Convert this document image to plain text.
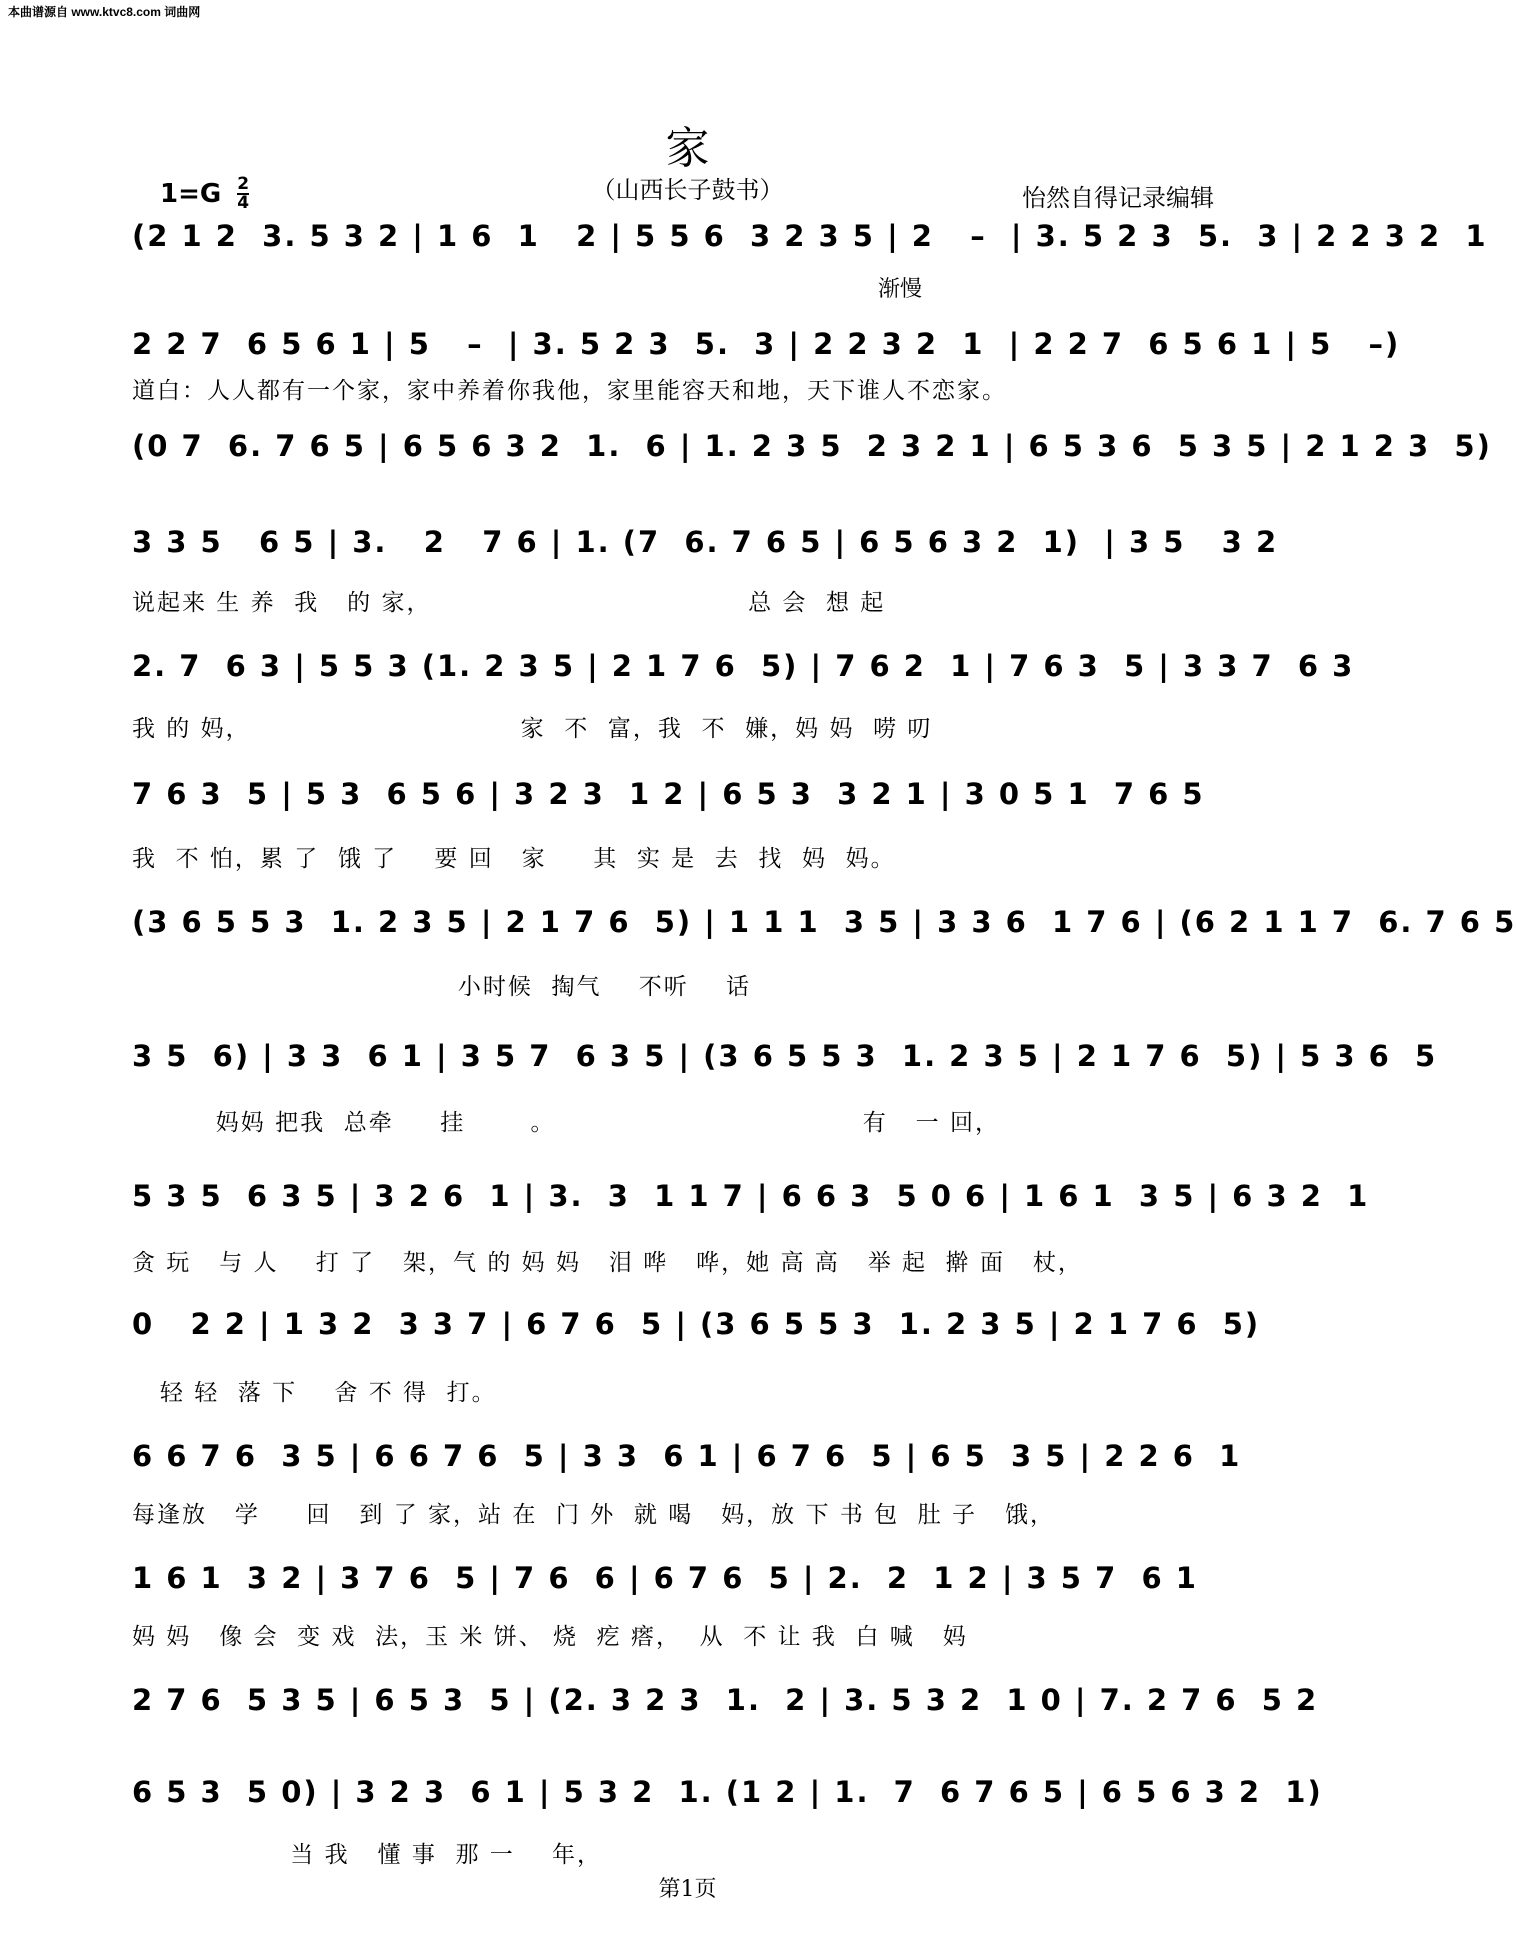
本曲谱源自 www.ktvc8.com 词曲网
家
（山西长子鼓书）
1=G 2
4	怡然自得记录编辑
(2 1 2  3. 5 3 2 | 1 6  1   2 | 5 5 6  3 2 3 5 | 2   –  | 3. 5 2 3  5.  3 | 2 2 3 2  1
渐慢
2 2 7  6 5 6 1 | 5   –  | 3. 5 2 3  5.  3 | 2 2 3 2  1  | 2 2 7  6 5 6 1 | 5   –)
道白：人人都有一个家，家中养着你我他，家里能容天和地，天下谁人不恋家。
(0 7  6. 7 6 5 | 6 5 6 3 2  1.  6 | 1. 2 3 5  2 3 2 1 | 6 5 3 6  5 3 5 | 2 1 2 3  5)
3 3 5   6 5 | 3.   2   7 6 | 1. (7  6. 7 6 5 | 6 5 6 3 2  1)  | 3 5   3 2
说起来 生 养  我   的 家，                                  总 会  想 起
2. 7  6 3 | 5 5 3 (1. 2 3 5 | 2 1 7 6  5) | 7 6 2  1 | 7 6 3  5 | 3 3 7  6 3
我 的 妈，                             家  不  富，我  不  嫌，妈 妈  唠 叨
7 6 3  5 | 5 3  6 5 6 | 3 2 3  1 2 | 6 5 3  3 2 1 | 3 0 5 1  7 6 5
我  不 怕，累 了  饿 了    要 回   家     其  实 是  去  找  妈  妈。
(3 6 5 5 3  1. 2 3 5 | 2 1 7 6  5) | 1 1 1  3 5 | 3 3 6  1 7 6 | (6 2 1 1 7  6. 7 6 5
小时候  掏气    不听    话
3 5  6) | 3 3  6 1 | 3 5 7  6 3 5 | (3 6 5 5 3  1. 2 3 5 | 2 1 7 6  5) | 5 3 6  5
妈妈 把我  总牵     挂       。                                 有   一 回，
5 3 5  6 3 5 | 3 2 6  1 | 3.  3  1 1 7 | 6 6 3  5 0 6 | 1 6 1  3 5 | 6 3 2  1
贪 玩   与 人    打 了   架，气 的 妈 妈   泪 哗   哗，她 高 高   举 起  擀 面   杖，
0   2 2 | 1 3 2  3 3 7 | 6 7 6  5 | (3 6 5 5 3  1. 2 3 5 | 2 1 7 6  5)
轻 轻  落 下    舍 不 得  打。
6 6 7 6  3 5 | 6 6 7 6  5 | 3 3  6 1 | 6 7 6  5 | 6 5  3 5 | 2 2 6  1
每逢放   学     回   到 了 家，站 在  门 外  就 喝   妈，放 下 书 包  肚 子   饿，
1 6 1  3 2 | 3 7 6  5 | 7 6  6 | 6 7 6  5 | 2.  2  1 2 | 3 5 7  6 1
妈 妈   像 会  变 戏  法，玉 米 饼、 烧  疙 瘩，  从  不 让 我  白 喊   妈
2 7 6  5 3 5 | 6 5 3  5 | (2. 3 2 3  1.  2 | 3. 5 3 2  1 0 | 7. 2 7 6  5 2
6 5 3  5 0) | 3 2 3  6 1 | 5 3 2  1. (1 2 | 1.  7  6 7 6 5 | 6 5 6 3 2  1)
当 我   懂 事  那 一    年，
第1页
